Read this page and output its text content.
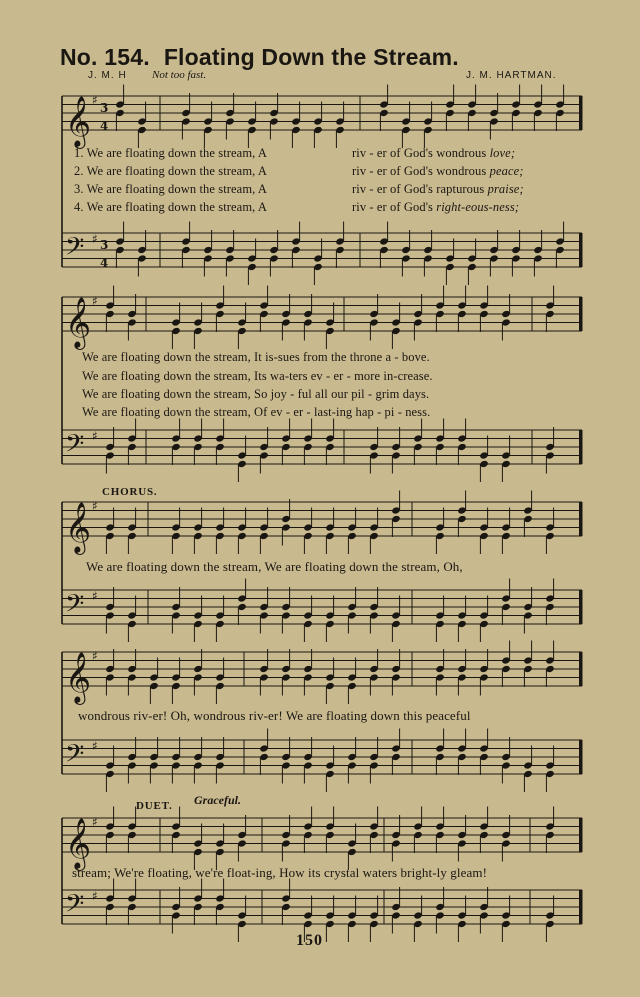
No. 154. Floating Down the Stream.
J. M. H Not too fast.	J. M. HARTMAN.
𝄞
𝄢
♯
♯
3
4
3
4
𝄞
𝄢
♯
♯
𝄞
𝄢
♯
♯
𝄞
𝄢
♯
♯
𝄞
𝄢
♯
♯
1. We are floating down the stream, A	riv - er of God's wondrous love;
2. We are floating down the stream, A	riv - er of God's wondrous peace;
3. We are floating down the stream, A	riv - er of God's rapturous praise;
4. We are floating down the stream, A	riv - er of God's right-eous-ness;
We are floating down the stream, It is-sues from the throne a - bove.
We are floating down the stream, Its wa-ters ev - er - more in-crease.
We are floating down the stream, So joy - ful all our pil - grim days.
We are floating down the stream, Of ev - er - last-ing hap - pi - ness.
CHORUS.
We are floating down the stream, We are floating down the stream, Oh,
wondrous riv-er! Oh, wondrous riv-er! We are floating down this peaceful
DUET. Graceful.
stream; We're floating, we're float-ing, How its crystal waters bright-ly gleam!
150
